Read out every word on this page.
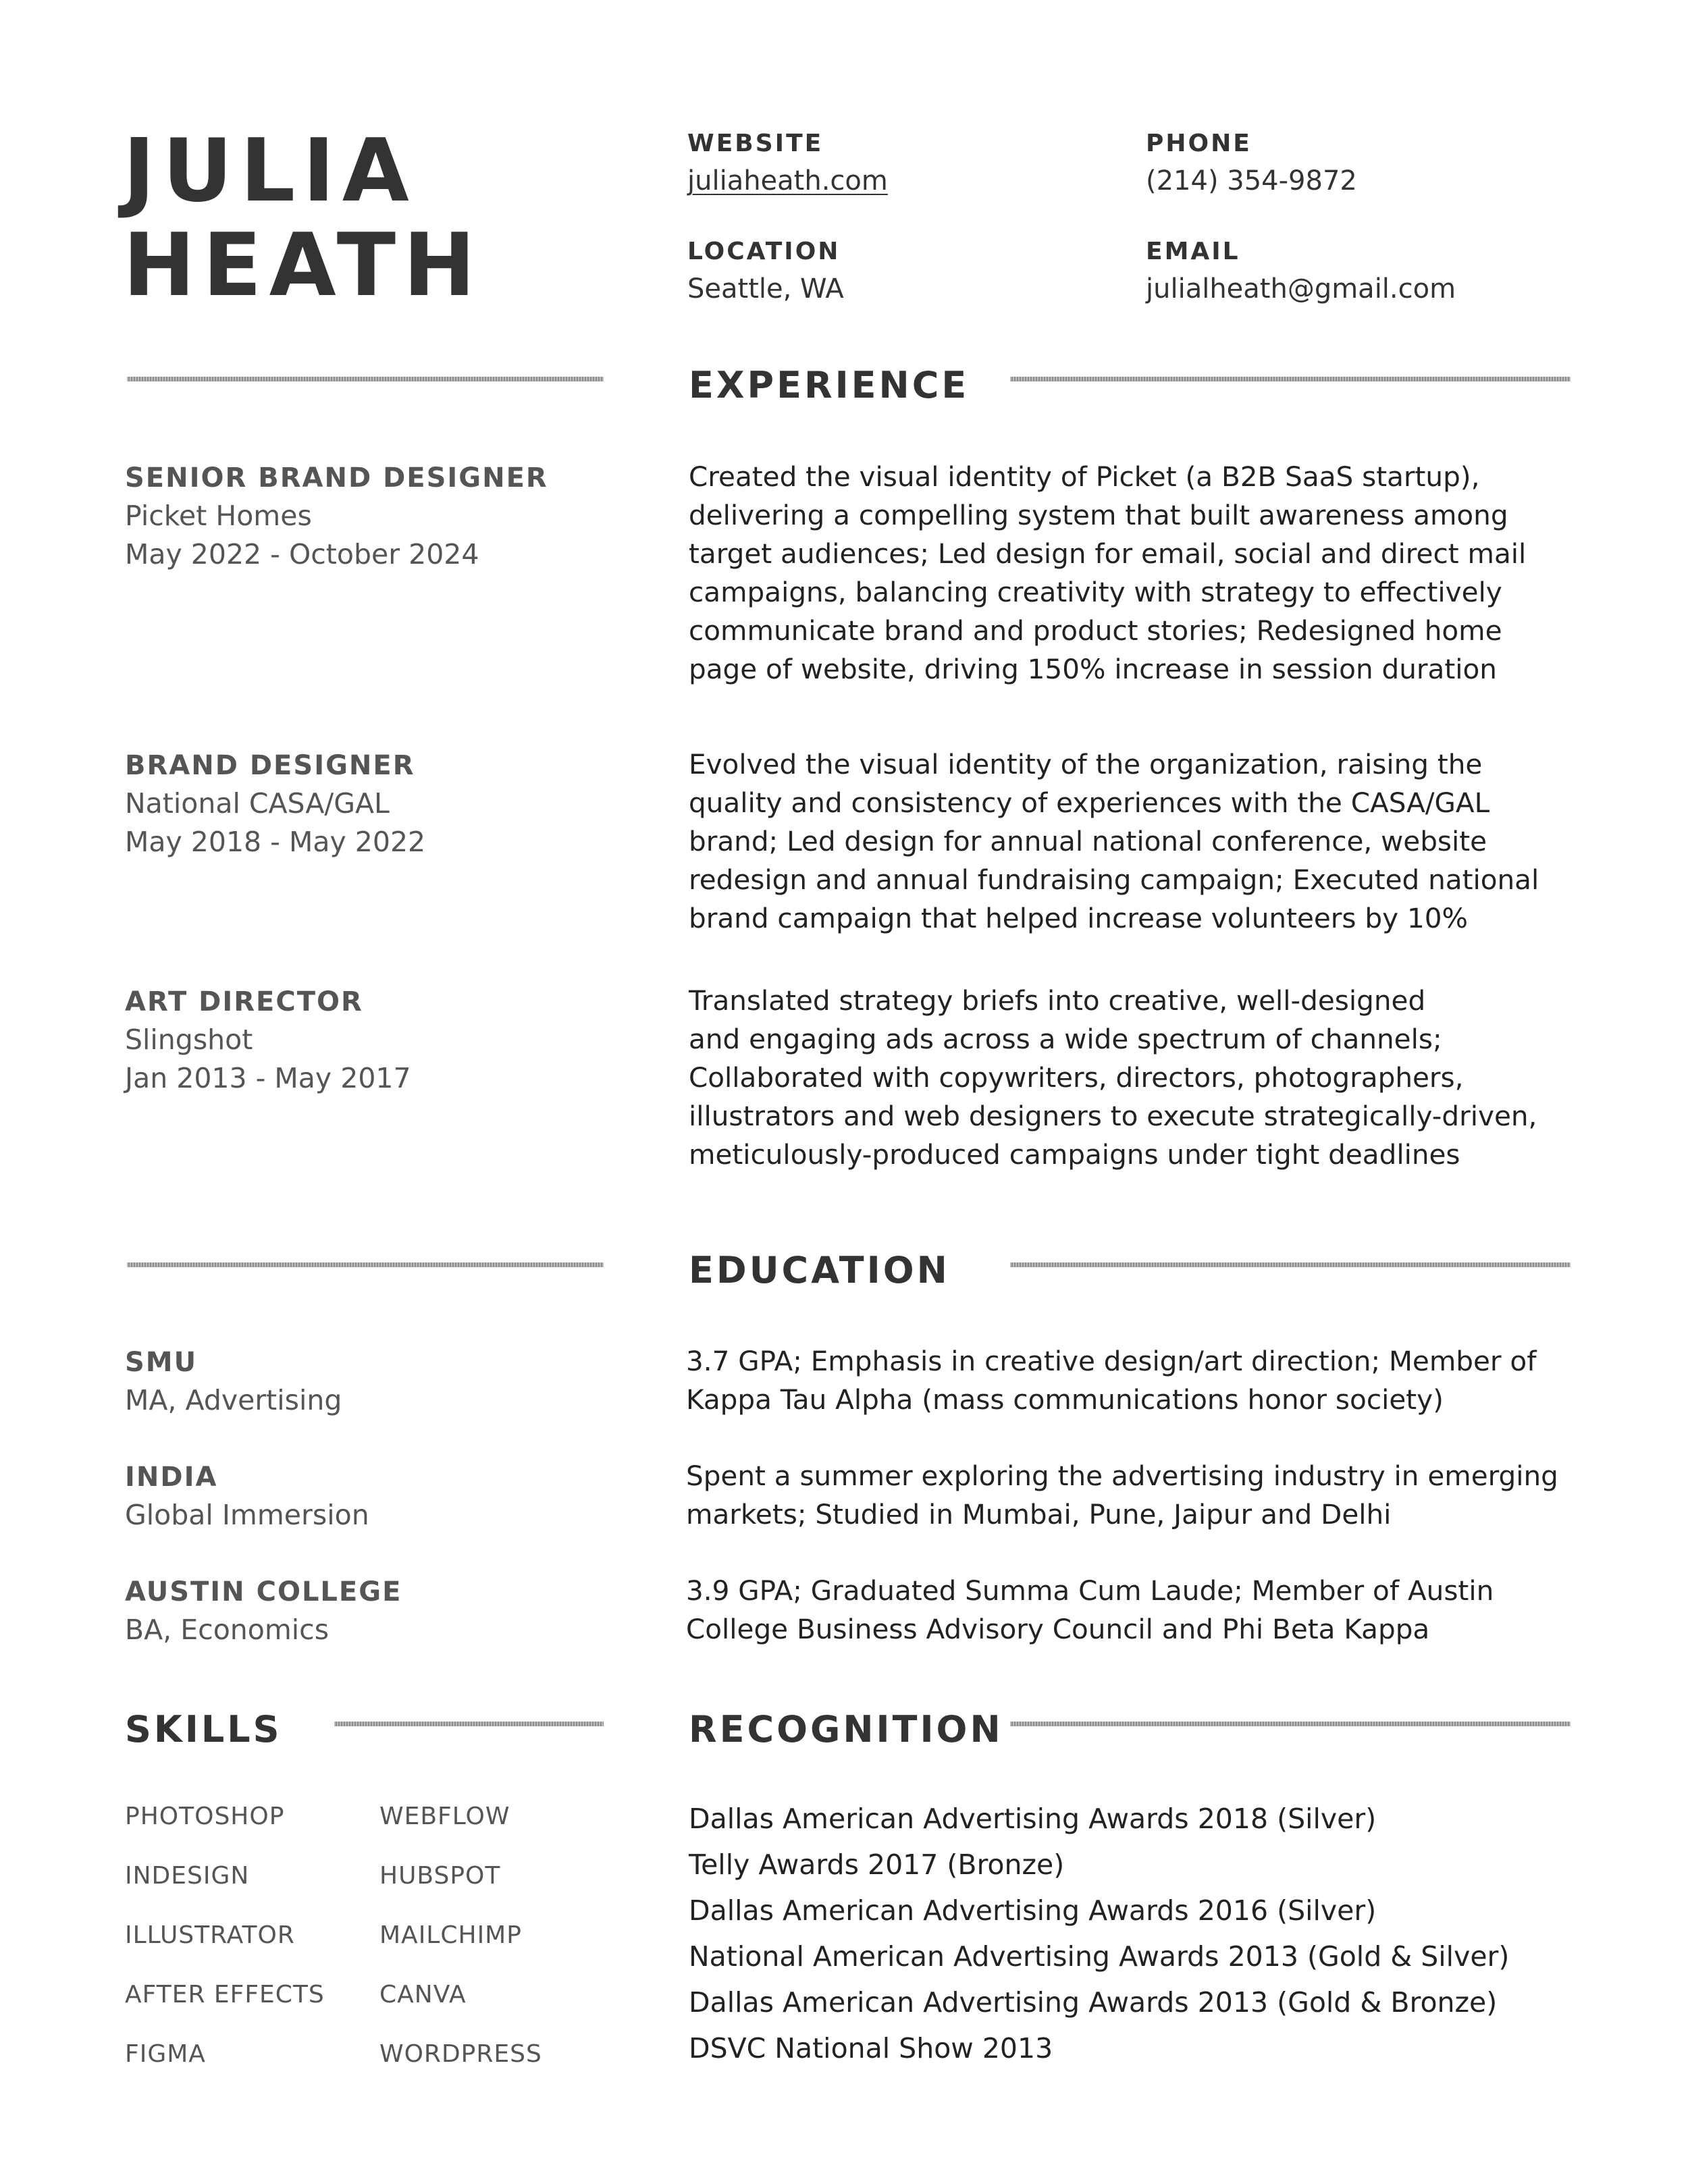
JULIA
HEATH
WEBSITE
juliaheath.com
PHONE
(214) 354-9872
LOCATION
Seattle, WA
EMAIL
julialheath@gmail.com
EXPERIENCE
SENIOR BRAND DESIGNER
Picket Homes
May 2022 - October 2024

Created the visual identity of Picket (a B2B SaaS startup),

delivering a compelling system that built awareness among

target audiences; Led design for email, social and direct mail

campaigns, balancing creativity with strategy to effectively

communicate brand and product stories; Redesigned home

page of website, driving 150% increase in session duration

BRAND DESIGNER
National CASA/GAL
May 2018 - May 2022

Evolved the visual identity of the organization, raising the

quality and consistency of experiences with the CASA/GAL

brand; Led design for annual national conference, website

redesign and annual fundraising campaign; Executed national

brand campaign that helped increase volunteers by 10%

ART DIRECTOR
Slingshot
Jan 2013 - May 2017

Translated strategy briefs into creative, well-designed

and engaging ads across a wide spectrum of channels;

Collaborated with copywriters, directors, photographers,

illustrators and web designers to execute strategically-driven,

meticulously-produced campaigns under tight deadlines

EDUCATION
SMU
MA, Advertising

3.7 GPA; Emphasis in creative design/art direction; Member of

Kappa Tau Alpha (mass communications honor society)

INDIA
Global Immersion

Spent a summer exploring the advertising industry in emerging

markets; Studied in Mumbai, Pune, Jaipur and Delhi

AUSTIN COLLEGE
BA, Economics

3.9 GPA; Graduated Summa Cum Laude; Member of Austin

College Business Advisory Council and Phi Beta Kappa

SKILLS
PHOTOSHOP
INDESIGN
ILLUSTRATOR
AFTER EFFECTS
FIGMA
WEBFLOW
HUBSPOT
MAILCHIMP
CANVA
WORDPRESS
RECOGNITION
Dallas American Advertising Awards 2018 (Silver)
Telly Awards 2017 (Bronze)
Dallas American Advertising Awards 2016 (Silver)
National American Advertising Awards 2013 (Gold & Silver)
Dallas American Advertising Awards 2013 (Gold & Bronze)
DSVC National Show 2013
